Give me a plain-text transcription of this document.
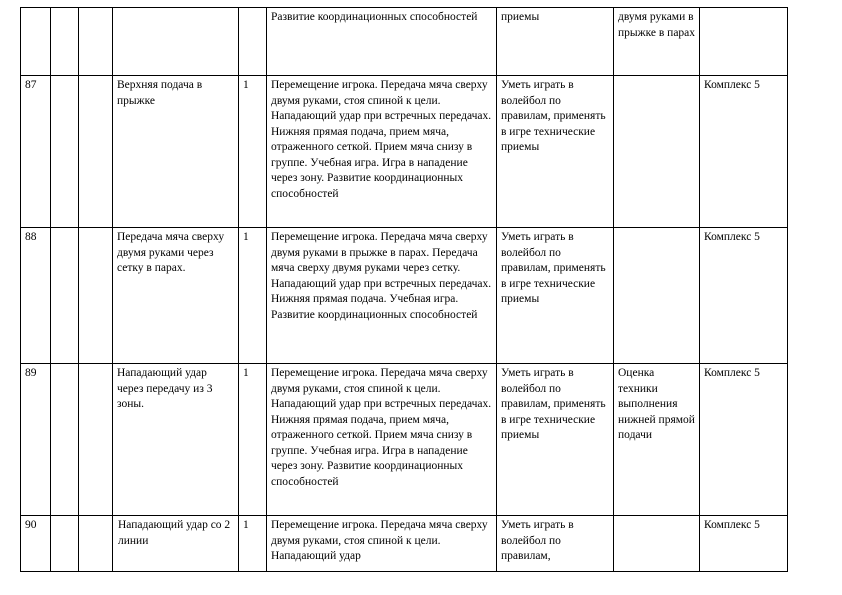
					Развитие координационных способностей	приемы	двумя руками в прыжке в парах	
87			Верхняя подача в прыжке	1	Перемещение игрока. Передача мяча сверху двумя руками, стоя спиной к цели. Нападающий удар при встречных передачах. Нижняя прямая подача, прием мяча, отраженного сеткой. Прием мяча снизу в группе. Учебная игра. Игра в нападение через зону. Развитие координационных способностей	Уметь играть в волейбол по правилам, применять в игре технические приемы		Комплекс 5
88			Передача мяча сверху двумя руками через сетку в парах.	1	Перемещение игрока. Передача мяча сверху двумя руками в прыжке в парах. Передача мяча сверху двумя руками через сетку. Нападающий удар при встречных передачах. Нижняя прямая подача. Учебная игра. Развитие координационных способностей	Уметь играть в волейбол по правилам, применять в игре технические приемы		Комплекс 5
89			Нападающий удар через передачу из 3 зоны.	1	Перемещение игрока. Передача мяча сверху двумя руками, стоя спиной к цели. Нападающий удар при встречных передачах. Нижняя прямая подача, прием мяча, отраженного сеткой. Прием мяча снизу в группе. Учебная игра. Игра в нападение через зону. Развитие координационных способностей	Уметь играть в волейбол по правилам, применять в игре технические приемы	Оценка техники выполнения нижней прямой подачи	Комплекс 5
90			Нападающий удар со 2 линии	1	Перемещение игрока. Передача мяча сверху двумя руками, стоя спиной к цели. Нападающий удар	Уметь играть в волейбол по правилам,		Комплекс 5
